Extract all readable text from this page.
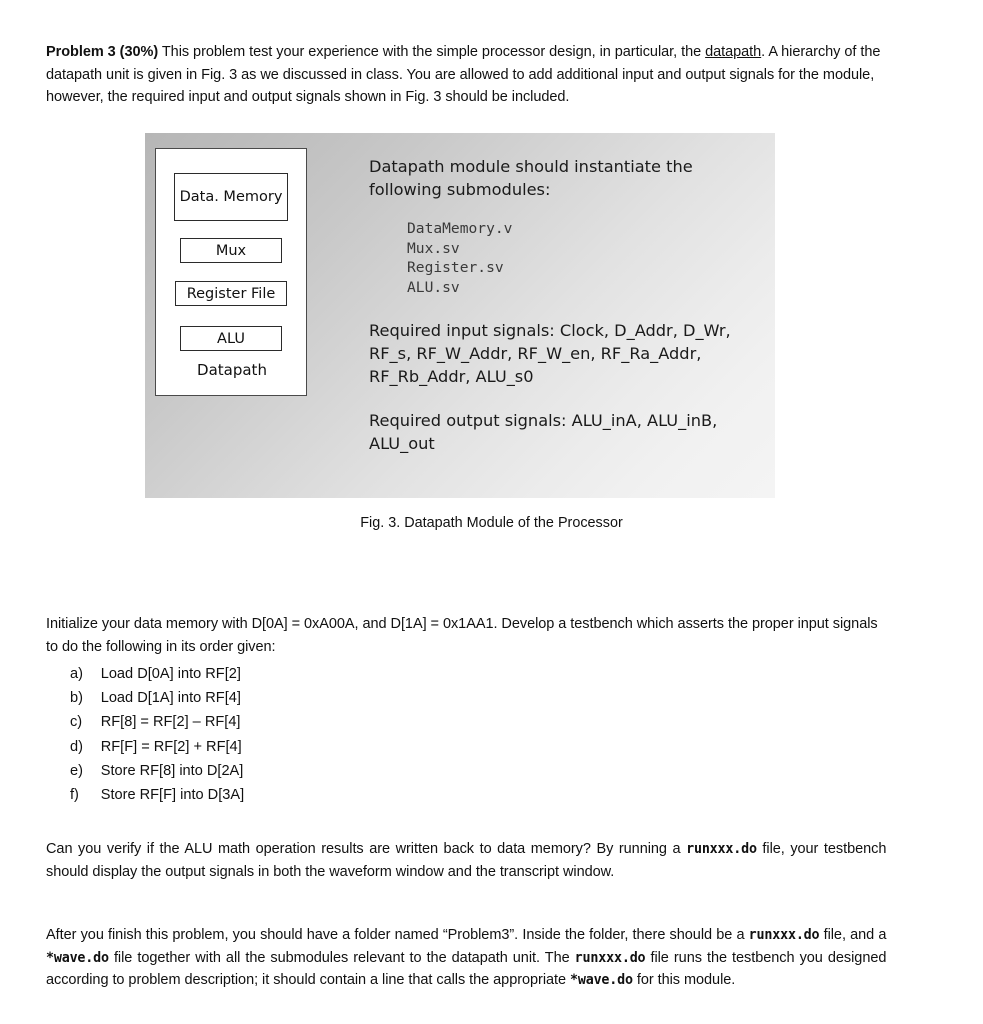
Problem 3 (30%) This problem test your experience with the simple processor design, in particular, the datapath. A hierarchy of the datapath unit is given in Fig. 3 as we discussed in class. You are allowed to add additional input and output signals for the module, however, the required input and output signals shown in Fig. 3 should be included.

Data. Memory
Mux
Register File
ALU
Datapath

Datapath module should instantiate the following submodules:

DataMemory.v
Mux.sv
Register.sv
ALU.sv

Required input signals: Clock, D_Addr, D_Wr, RF_s, RF_W_Addr, RF_W_en, RF_Ra_Addr, RF_Rb_Addr, ALU_s0

Required output signals: ALU_inA, ALU_inB, ALU_out

Fig. 3. Datapath Module of the Processor

Initialize your data memory with D[0A] = 0xA00A, and D[1A] = 0x1AA1. Develop a testbench which asserts the proper input signals to do the following in its order given:

a)	Load D[0A] into RF[2]
b)	Load D[1A] into RF[4]
c)	RF[8] = RF[2] – RF[4]
d)	RF[F] = RF[2] + RF[4]
e)	Store RF[8] into D[2A]
f)	Store RF[F] into D[3A]

Can you verify if the ALU math operation results are written back to data memory? By running a runxxx.do file, your testbench should display the output signals in both the waveform window and the transcript window.

After you finish this problem, you should have a folder named “Problem3”. Inside the folder, there should be a runxxx.do file, and a *wave.do file together with all the submodules relevant to the datapath unit. The runxxx.do file runs the testbench you designed according to problem description; it should contain a line that calls the appropriate *wave.do for this module.
